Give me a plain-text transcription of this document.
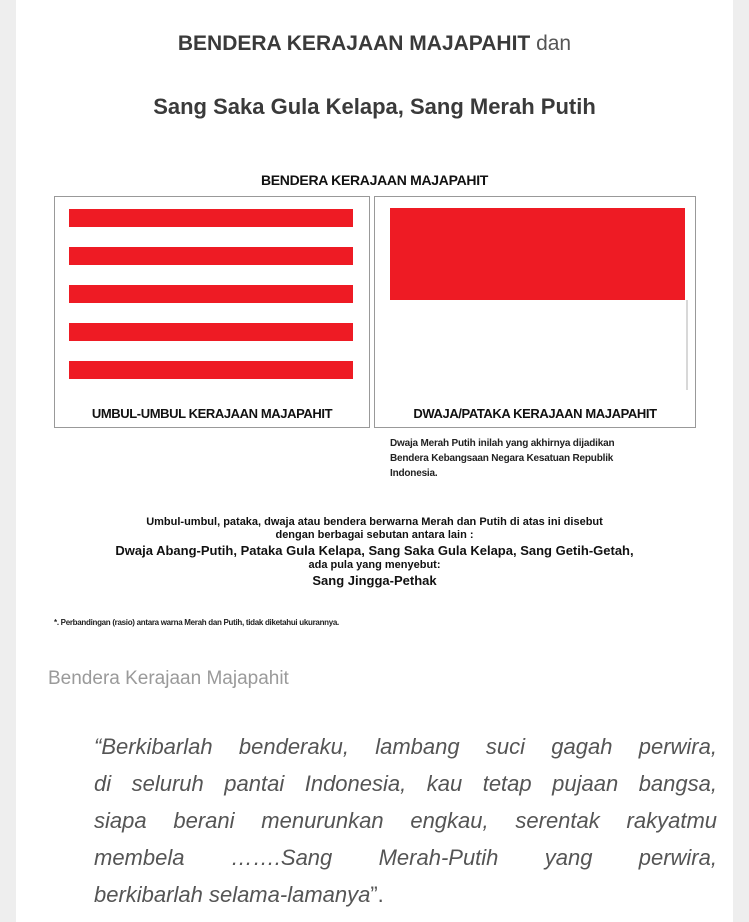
BENDERA KERAJAAN MAJAPAHIT dan
Sang Saka Gula Kelapa, Sang Merah Putih
BENDERA KERAJAAN MAJAPAHIT
UMBUL-UMBUL KERAJAAN MAJAPAHIT	DWAJA/PATAKA KERAJAAN MAJAPAHIT
Dwaja Merah Putih inilah yang akhirnya dijadikan
Bendera Kebangsaan Negara Kesatuan Republik
Indonesia.
Umbul-umbul, pataka, dwaja atau bendera berwarna Merah dan Putih di atas ini disebut
dengan berbagai sebutan antara lain :
Dwaja Abang-Putih, Pataka Gula Kelapa, Sang Saka Gula Kelapa, Sang Getih-Getah,
ada pula yang menyebut:
Sang Jingga-Pethak
*. Perbandingan (rasio) antara warna Merah dan Putih, tidak diketahui ukurannya.
Bendera Kerajaan Majapahit
“Berkibarlah benderaku, lambang suci gagah perwira,
di seluruh pantai Indonesia, kau tetap pujaan bangsa,
siapa berani menurunkan engkau, serentak rakyatmu
membela …….Sang Merah-Putih yang perwira,
berkibarlah selama-lamanya”.
